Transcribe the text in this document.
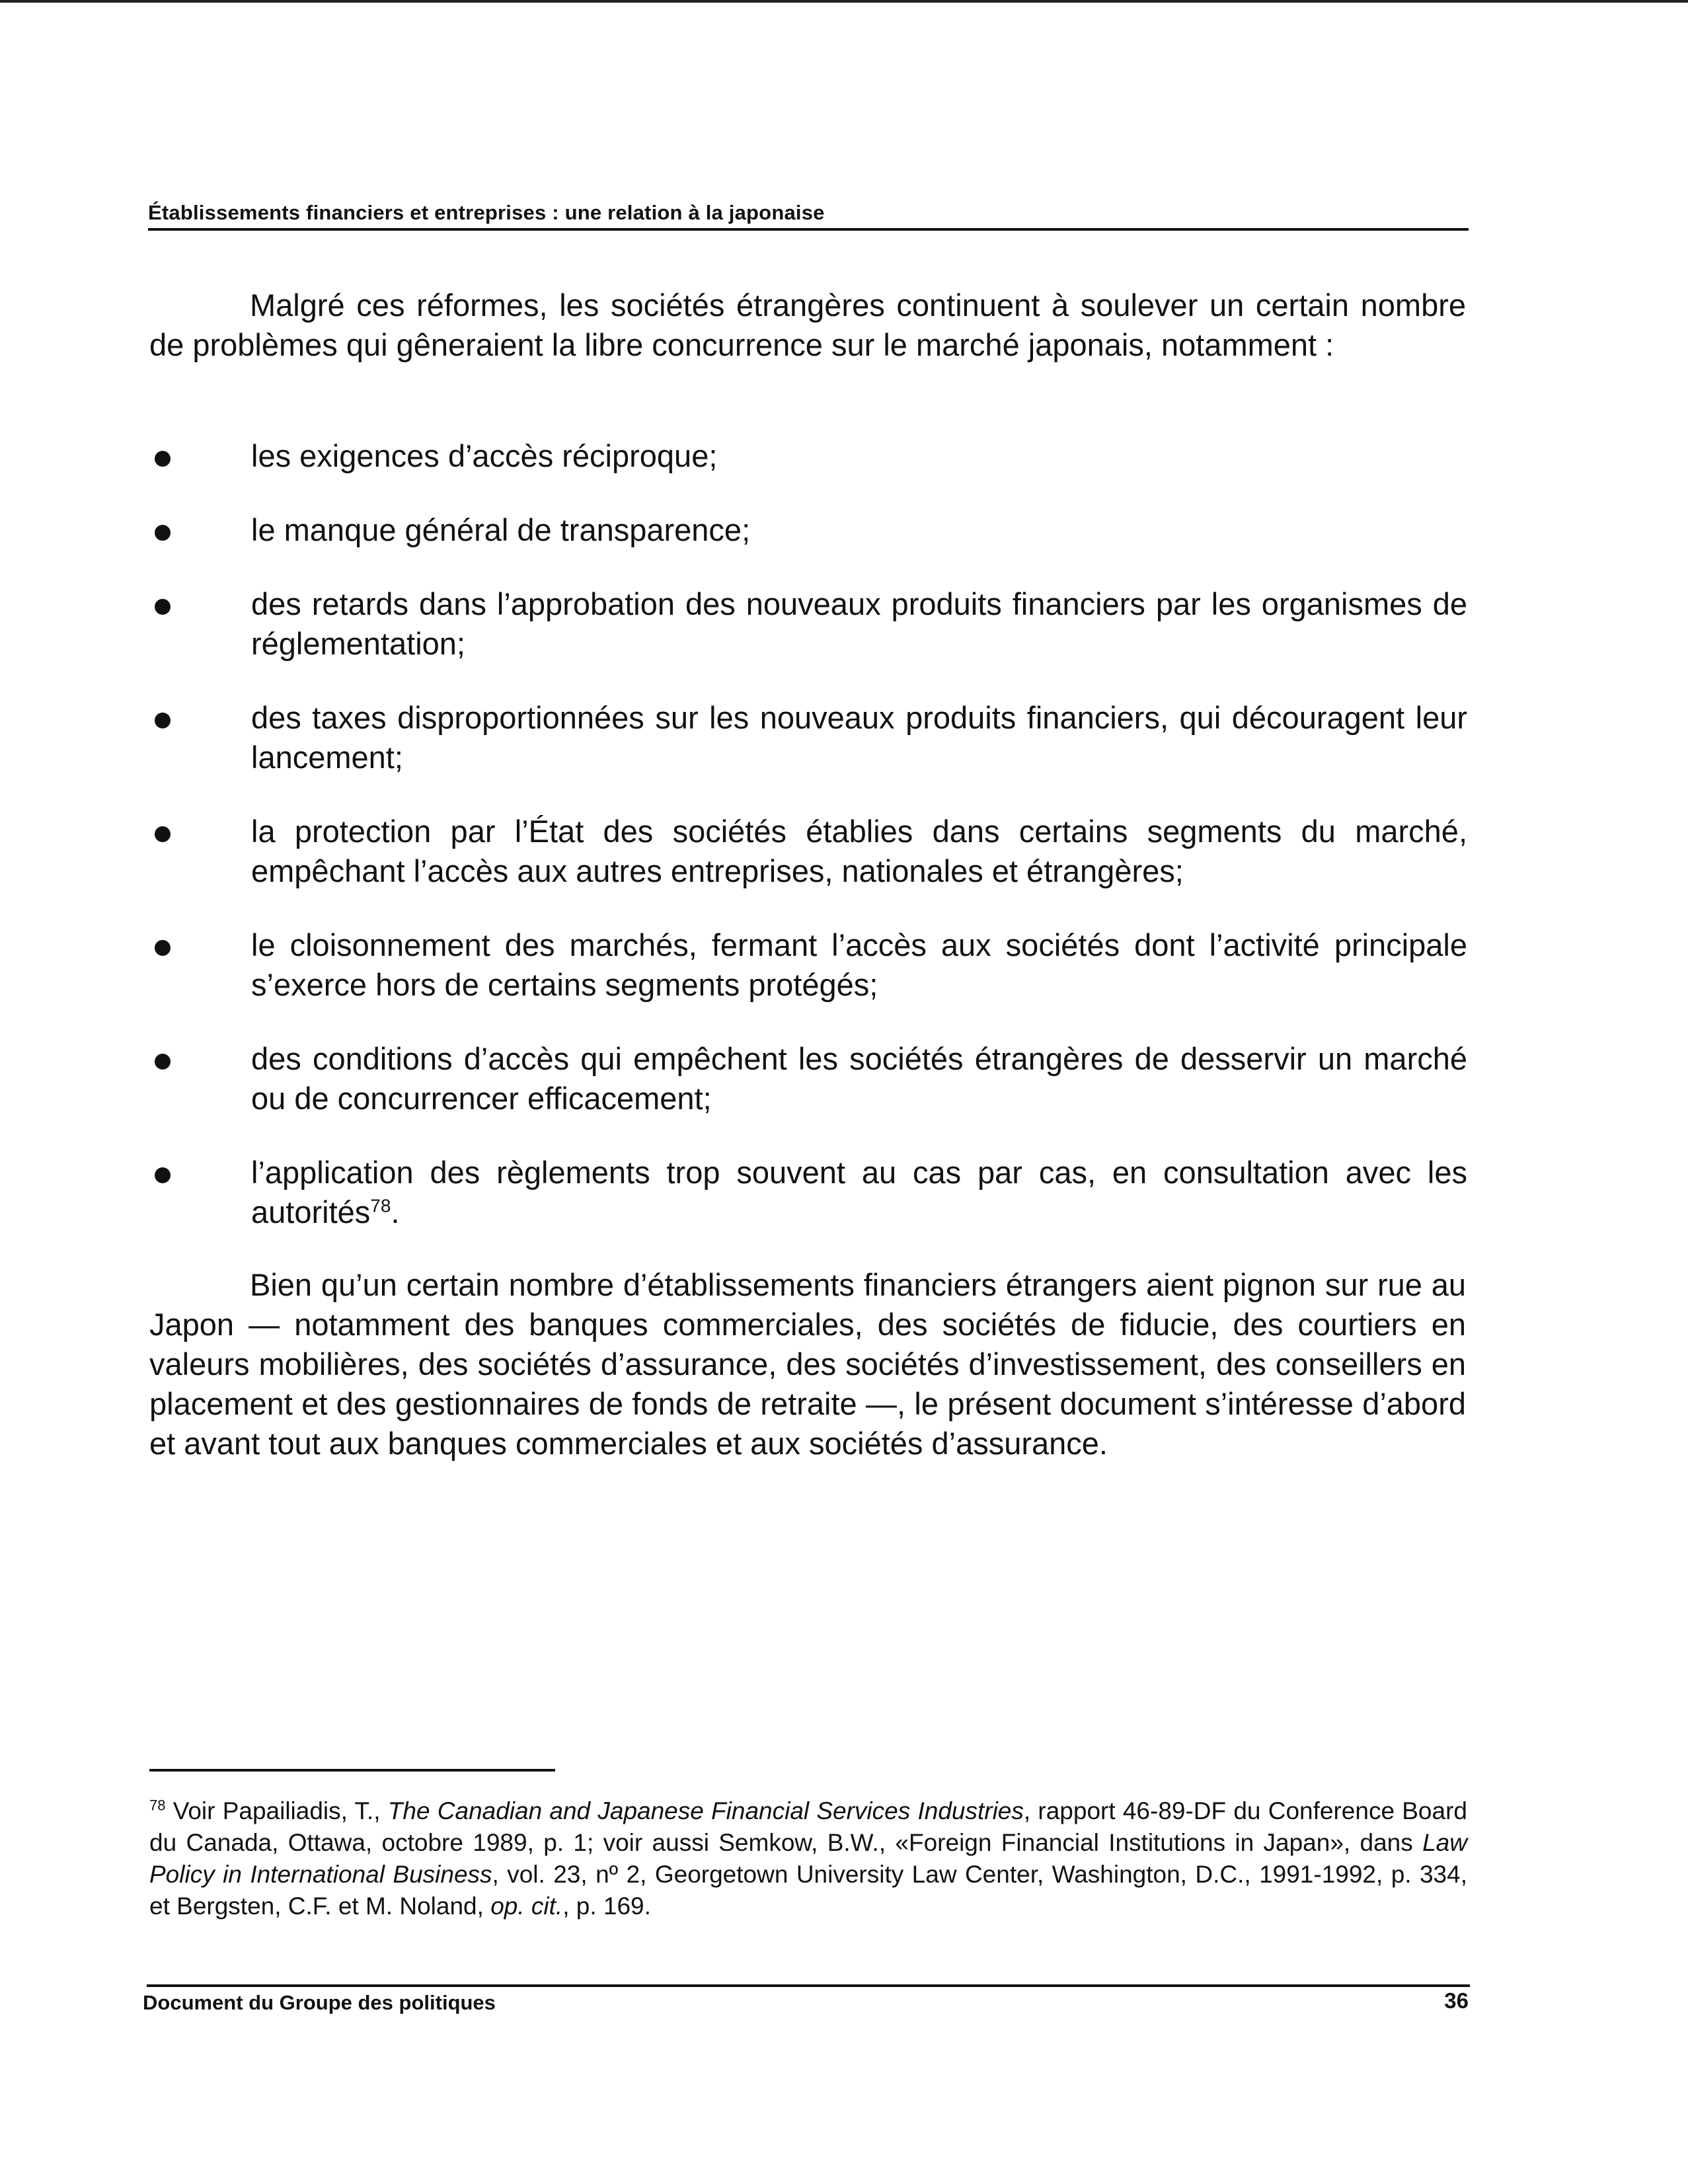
Établissements financiers et entreprises : une relation à la japonaise

Malgré ces réformes, les sociétés étrangères continuent à soulever un certain nombre de problèmes qui gêneraient la libre concurrence sur le marché japonais, notamment :

les exigences d’accès réciproque;
le manque général de transparence;
des retards dans l’approbation des nouveaux produits financiers par les organismes de réglementation;
des taxes disproportionnées sur les nouveaux produits financiers, qui découragent leur lancement;
la protection par l’État des sociétés établies dans certains segments du marché, empêchant l’accès aux autres entreprises, nationales et étrangères;
le cloisonnement des marchés, fermant l’accès aux sociétés dont l’activité principale s’exerce hors de certains segments protégés;
des conditions d’accès qui empêchent les sociétés étrangères de desservir un marché ou de concurrencer efficacement;
l’application des règlements trop souvent au cas par cas, en consultation avec les autorités$^{78}$.

Bien qu’un certain nombre d’établissements financiers étrangers aient pignon sur rue au Japon — notamment des banques commerciales, des sociétés de fiducie, des courtiers en valeurs mobilières, des sociétés d’assurance, des sociétés d’investissement, des conseillers en placement et des gestionnaires de fonds de retraite —, le présent document s’intéresse d’abord et avant tout aux banques commerciales et aux sociétés d’assurance.

$^{78}$ Voir Papailiadis, T., The Canadian and Japanese Financial Services Industries, rapport 46-89-DF du Conference Board du Canada, Ottawa, octobre 1989, p. 1; voir aussi Semkow, B.W., «Foreign Financial Institutions in Japan», dans Law Policy in International Business, vol. 23, nº 2, Georgetown University Law Center, Washington, D.C., 1991-1992, p. 334, et Bergsten, C.F. et M. Noland, op. cit., p. 169.

Document du Groupe des politiques	36
